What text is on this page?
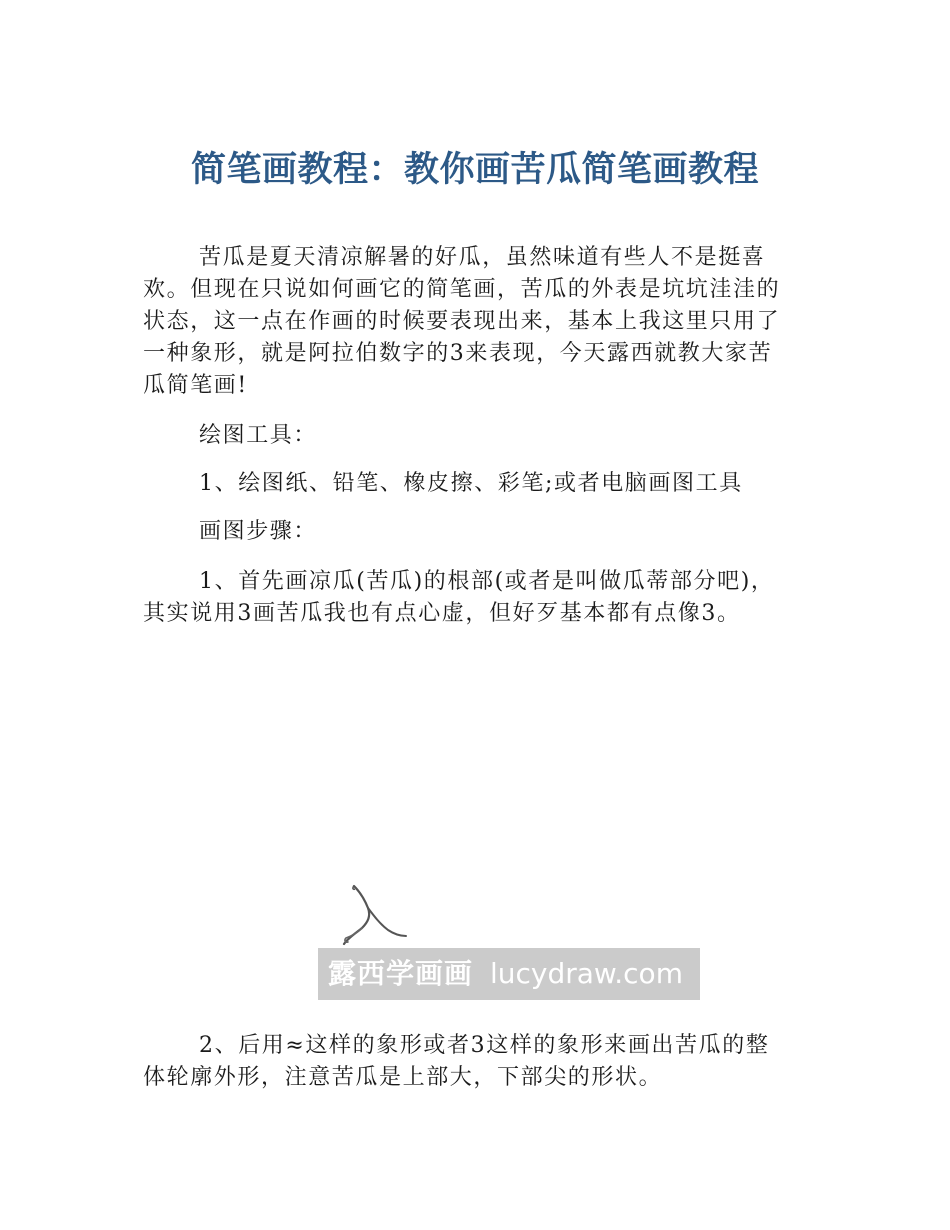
简笔画教程：教你画苦瓜简笔画教程

苦瓜是夏天清凉解暑的好瓜，虽然味道有些人不是挺喜
欢。但现在只说如何画它的简笔画，苦瓜的外表是坑坑洼洼的
状态，这一点在作画的时候要表现出来，基本上我这里只用了
一种象形，就是阿拉伯数字的3来表现，今天露西就教大家苦
瓜简笔画!

绘图工具：

1、绘图纸、铅笔、橡皮擦、彩笔;或者电脑画图工具

画图步骤：

1、首先画凉瓜(苦瓜)的根部(或者是叫做瓜蒂部分吧)，
其实说用3画苦瓜我也有点心虚，但好歹基本都有点像3。

露西学画画 lucydraw.com

2、后用≈这样的象形或者3这样的象形来画出苦瓜的整
体轮廓外形，注意苦瓜是上部大，下部尖的形状。
